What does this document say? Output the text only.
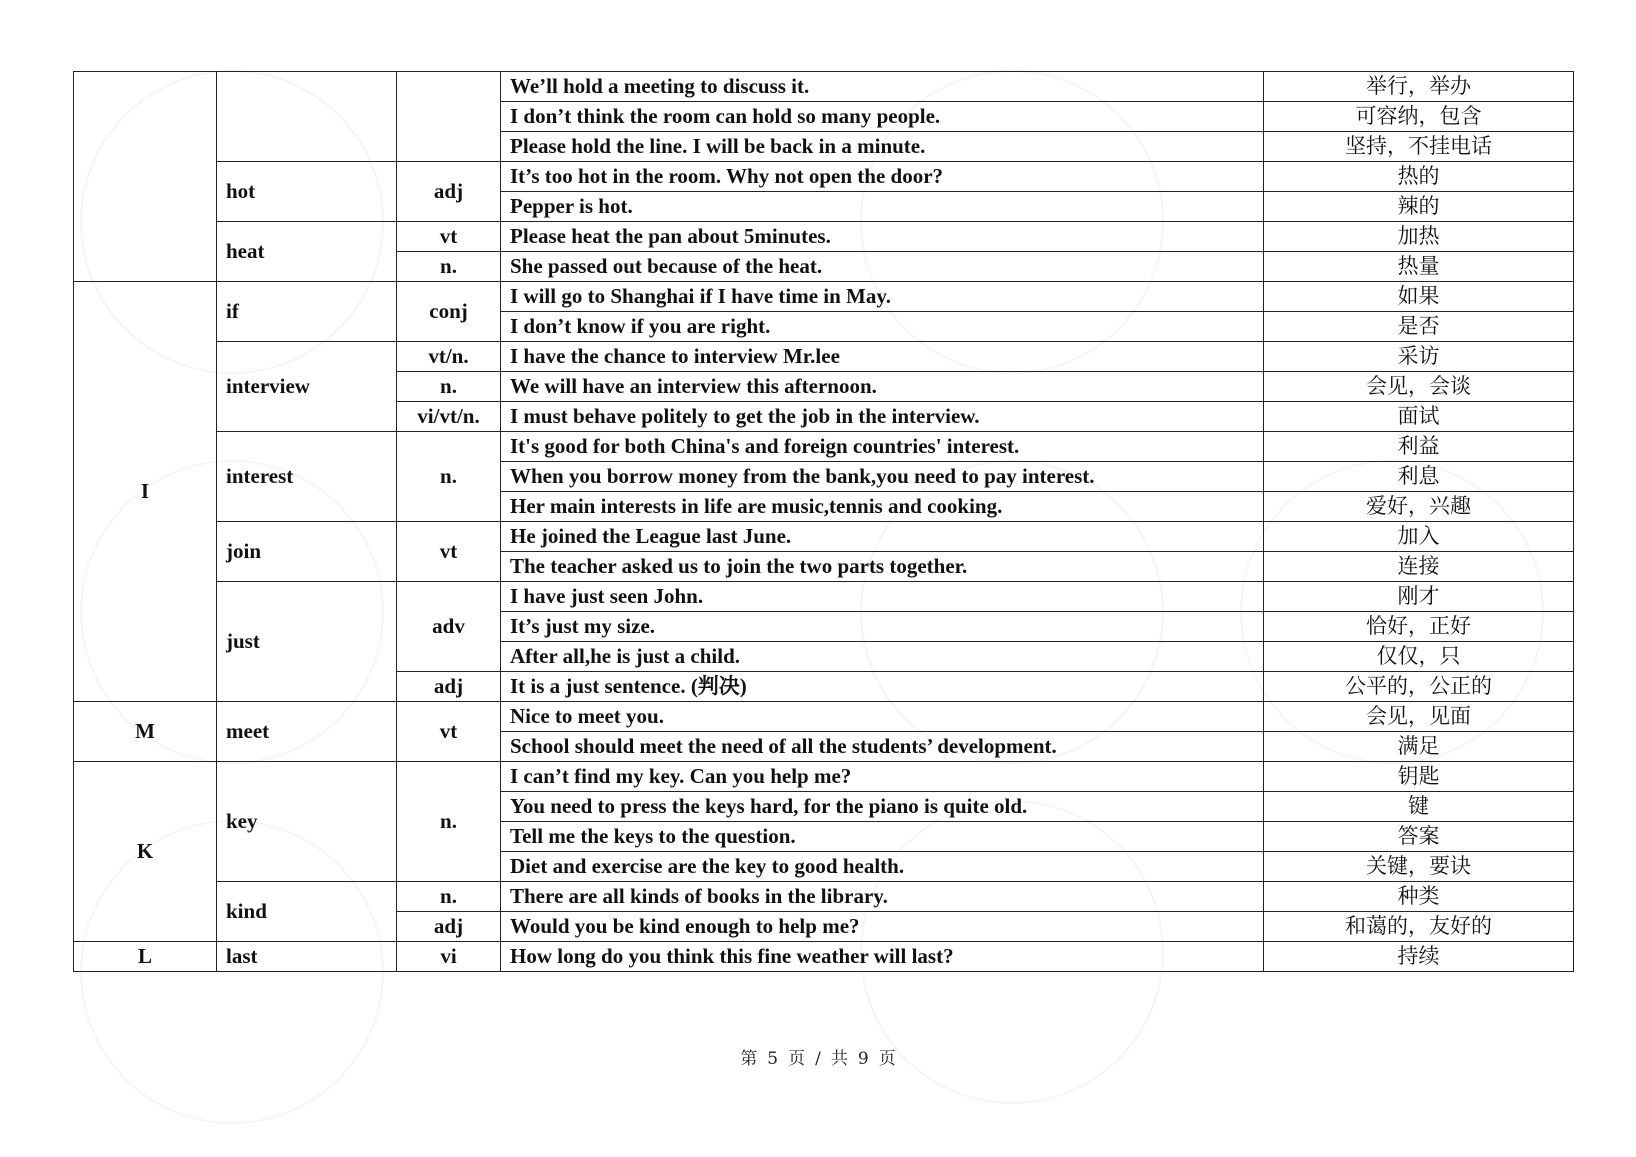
			We’ll hold a meeting to discuss it.	举行，举办
			I don’t think the room can hold so many people.	可容纳，包含
			Please hold the line. I will be back in a minute.	坚持，不挂电话
	hot	adj	It’s too hot in the room. Why not open the door?	热的
			Pepper is hot.	辣的
	heat	vt	Please heat the pan about 5minutes.	加热
		n.	She passed out because of the heat.	热量
I	if	conj	I will go to Shanghai if I have time in May.	如果
			I don’t know if you are right.	是否
	interview	vt/n.	I have the chance to interview Mr.lee	采访
		n.	We will have an interview this afternoon.	会见，会谈
		vi/vt/n.	I must behave politely to get the job in the interview.	面试
	interest	n.	It's good for both China's and foreign countries' interest.	利益
			When you borrow money from the bank,you need to pay interest.	利息
			Her main interests in life are music,tennis and cooking.	爱好，兴趣
	join	vt	He joined the League last June.	加入
			The teacher asked us to join the two parts together.	连接
	just	adv	I have just seen John.	刚才
			It’s just my size.	恰好，正好
			After all,he is just a child.	仅仅，只
		adj	It is a just sentence. (判决)	公平的，公正的
M	meet	vt	Nice to meet you.	会见，见面
			School should meet the need of all the students’ development.	满足
K	key	n.	I can’t find my key. Can you help me?	钥匙
			You need to press the keys hard, for the piano is quite old.	键
			Tell me the keys to the question.	答案
			Diet and exercise are the key to good health.	关键，要诀
	kind	n.	There are all kinds of books in the library.	种类
		adj	Would you be kind enough to help me?	和蔼的，友好的
L	last	vi	How long do you think this fine weather will last?	持续
第 5 页 / 共 9 页
